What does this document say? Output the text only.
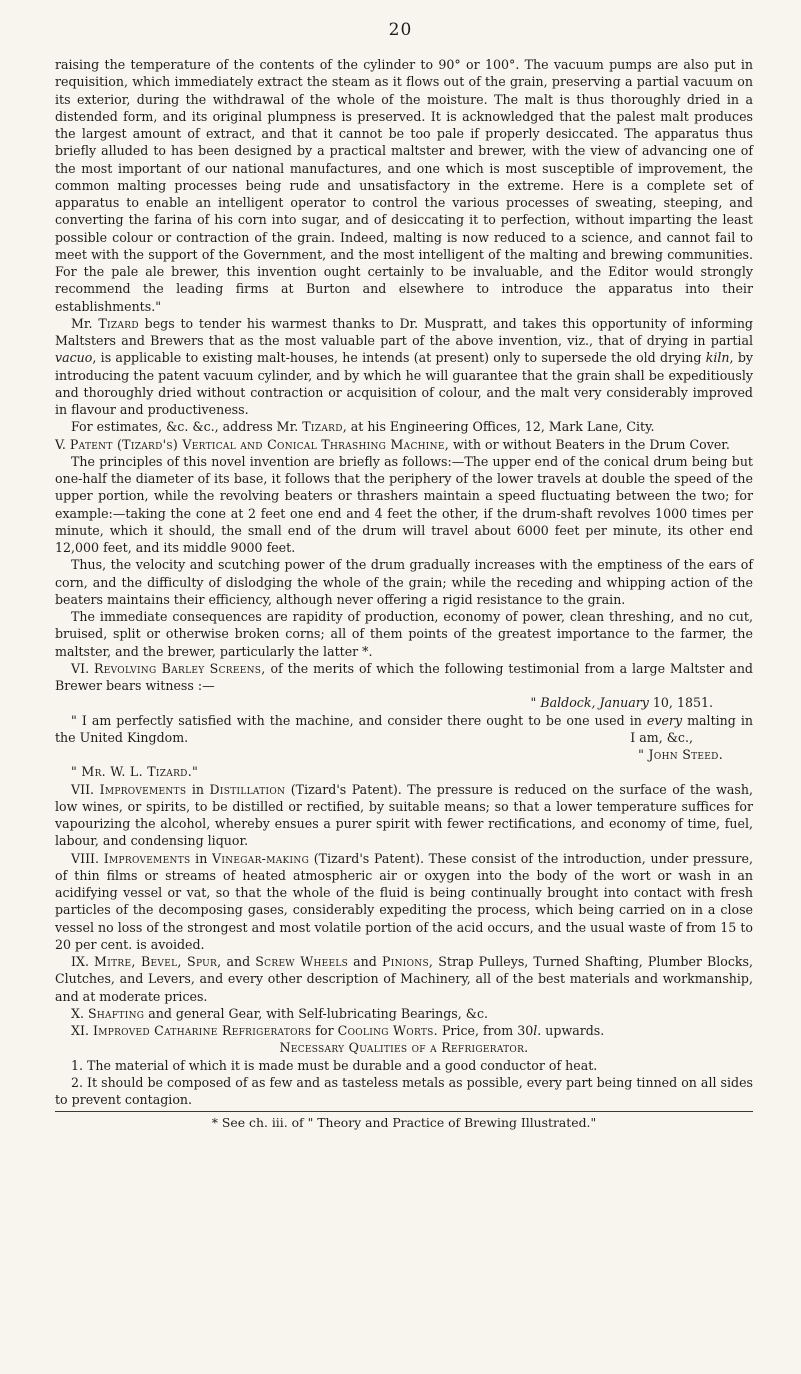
20

raising the temperature of the contents of the cylinder to 90° or 100°. The vacuum pumps are also put in requisition, which immediately extract the steam as it flows out of the grain, preserving a partial vacuum on its exterior, during the withdrawal of the whole of the moisture. The malt is thus thoroughly dried in a distended form, and its original plumpness is preserved. It is acknowledged that the palest malt produces the largest amount of extract, and that it cannot be too pale if properly desiccated. The apparatus thus briefly alluded to has been designed by a practical maltster and brewer, with the view of advancing one of the most important of our national manufactures, and one which is most susceptible of improvement, the common malting processes being rude and unsatisfactory in the extreme. Here is a complete set of apparatus to enable an intelligent operator to control the various processes of sweating, steeping, and converting the farina of his corn into sugar, and of desiccating it to perfection, without imparting the least possible colour or contraction of the grain. Indeed, malting is now reduced to a science, and cannot fail to meet with the support of the Government, and the most intelligent of the malting and brewing communities. For the pale ale brewer, this invention ought certainly to be invaluable, and the Editor would strongly recommend the leading firms at Burton and elsewhere to introduce the apparatus into their establishments."

Mr. Tizard begs to tender his warmest thanks to Dr. Muspratt, and takes this opportunity of informing Maltsters and Brewers that as the most valuable part of the above invention, viz., that of drying in partial vacuo, is applicable to existing malt-houses, he intends (at present) only to supersede the old drying kiln, by introducing the patent vacuum cylinder, and by which he will guarantee that the grain shall be expeditiously and thoroughly dried without contraction or acquisition of colour, and the malt very considerably improved in flavour and productiveness.

For estimates, &c. &c., address Mr. Tizard, at his Engineering Offices, 12, Mark Lane, City.

V. Patent (Tizard's) Vertical and Conical Thrashing Machine, with or without Beaters in the Drum Cover.

The principles of this novel invention are briefly as follows:—The upper end of the conical drum being but one-half the diameter of its base, it follows that the periphery of the lower travels at double the speed of the upper portion, while the revolving beaters or thrashers maintain a speed fluctuating between the two; for example:—taking the cone at 2 feet one end and 4 feet the other, if the drum-shaft revolves 1000 times per minute, which it should, the small end of the drum will travel about 6000 feet per minute, its other end 12,000 feet, and its middle 9000 feet.

Thus, the velocity and scutching power of the drum gradually increases with the emptiness of the ears of corn, and the difficulty of dislodging the whole of the grain; while the receding and whipping action of the beaters maintains their efficiency, although never offering a rigid resistance to the grain.

The immediate consequences are rapidity of production, economy of power, clean threshing, and no cut, bruised, split or otherwise broken corns; all of them points of the greatest importance to the farmer, the maltster, and the brewer, particularly the latter *.

VI. Revolving Barley Screens, of the merits of which the following testimonial from a large Maltster and Brewer bears witness :—

" Baldock, January 10, 1851.

" I am perfectly satisfied with the machine, and consider there ought to be one used in every malting in the United Kingdom.	I am, &c.,

" John Steed.

" Mr. W. L. Tizard."

VII. Improvements in Distillation (Tizard's Patent). The pressure is reduced on the surface of the wash, low wines, or spirits, to be distilled or rectified, by suitable means; so that a lower temperature suffices for vapourizing the alcohol, whereby ensues a purer spirit with fewer rectifications, and economy of time, fuel, labour, and condensing liquor.

VIII. Improvements in Vinegar-making (Tizard's Patent). These consist of the introduction, under pressure, of thin films or streams of heated atmospheric air or oxygen into the body of the wort or wash in an acidifying vessel or vat, so that the whole of the fluid is being continually brought into contact with fresh particles of the decomposing gases, considerably expediting the process, which being carried on in a close vessel no loss of the strongest and most volatile portion of the acid occurs, and the usual waste of from 15 to 20 per cent. is avoided.

IX. Mitre, Bevel, Spur, and Screw Wheels and Pinions, Strap Pulleys, Turned Shafting, Plumber Blocks, Clutches, and Levers, and every other description of Machinery, all of the best materials and workmanship, and at moderate prices.

X. Shafting and general Gear, with Self-lubricating Bearings, &c.

XI. Improved Catharine Refrigerators for Cooling Worts. Price, from 30l. upwards.

Necessary Qualities of a Refrigerator.

1. The material of which it is made must be durable and a good conductor of heat.

2. It should be composed of as few and as tasteless metals as possible, every part being tinned on all sides to prevent contagion.

* See ch. iii. of " Theory and Practice of Brewing Illustrated."
